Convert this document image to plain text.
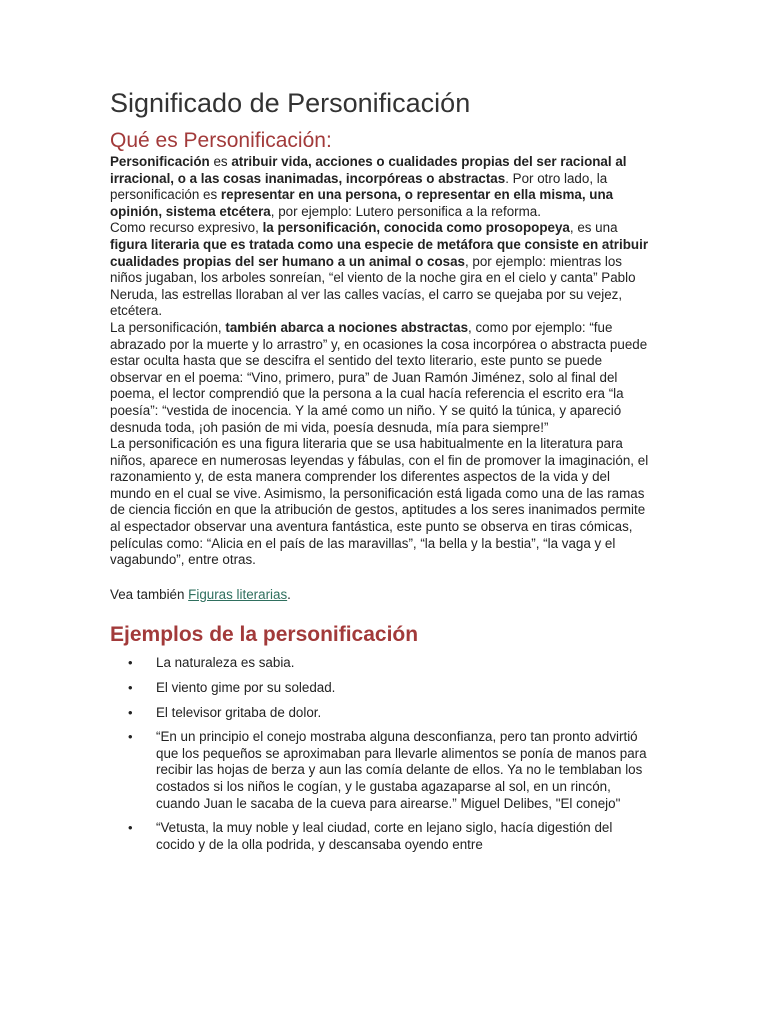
Significado de Personificación
Qué es Personificación:

Personificación es atribuir vida, acciones o cualidades propias del ser racional al irracional, o a las cosas inanimadas, incorpóreas o abstractas. Por otro lado, la personificación es representar en una persona, o representar en ella misma, una opinión, sistema etcétera, por ejemplo: Lutero personifica a la reforma.

Como recurso expresivo, la personificación, conocida como prosopopeya, es una figura literaria que es tratada como una especie de metáfora que consiste en atribuir cualidades propias del ser humano a un animal o cosas, por ejemplo: mientras los niños jugaban, los arboles sonreían, “el viento de la noche gira en el cielo y canta” Pablo Neruda, las estrellas lloraban al ver las calles vacías, el carro se quejaba por su vejez, etcétera.

La personificación, también abarca a nociones abstractas, como por ejemplo: “fue abrazado por la muerte y lo arrastro” y, en ocasiones la cosa incorpórea o abstracta puede estar oculta hasta que se descifra el sentido del texto literario, este punto se puede observar en el poema: “Vino, primero, pura” de Juan Ramón Jiménez, solo al final del poema, el lector comprendió que la persona a la cual hacía referencia el escrito era “la poesía”: “vestida de inocencia. Y la amé como un niño. Y se quitó la túnica, y apareció desnuda toda, ¡oh pasión de mi vida, poesía desnuda, mía para siempre!”

La personificación es una figura literaria que se usa habitualmente en la literatura para niños, aparece en numerosas leyendas y fábulas, con el fin de promover la imaginación, el razonamiento y, de esta manera comprender los diferentes aspectos de la vida y del mundo en el cual se vive. Asimismo, la personificación está ligada como una de las ramas de ciencia ficción en que la atribución de gestos, aptitudes a los seres inanimados permite al espectador observar una aventura fantástica, este punto se observa en tiras cómicas, películas como: “Alicia en el país de las maravillas”, “la bella y la bestia”, “la vaga y el vagabundo”, entre otras.

Vea también Figuras literarias.

Ejemplos de la personificación
• La naturaleza es sabia.
• El viento gime por su soledad.
• El televisor gritaba de dolor.
• “En un principio el conejo mostraba alguna desconfianza, pero tan pronto advirtió que los pequeños se aproximaban para llevarle alimentos se ponía de manos para recibir las hojas de berza y aun las comía delante de ellos. Ya no le temblaban los costados si los niños le cogían, y le gustaba agazaparse al sol, en un rincón, cuando Juan le sacaba de la cueva para airearse.” Miguel Delibes, "El conejo"
• “Vetusta, la muy noble y leal ciudad, corte en lejano siglo, hacía digestión del cocido y de la olla podrida, y descansaba oyendo entre
